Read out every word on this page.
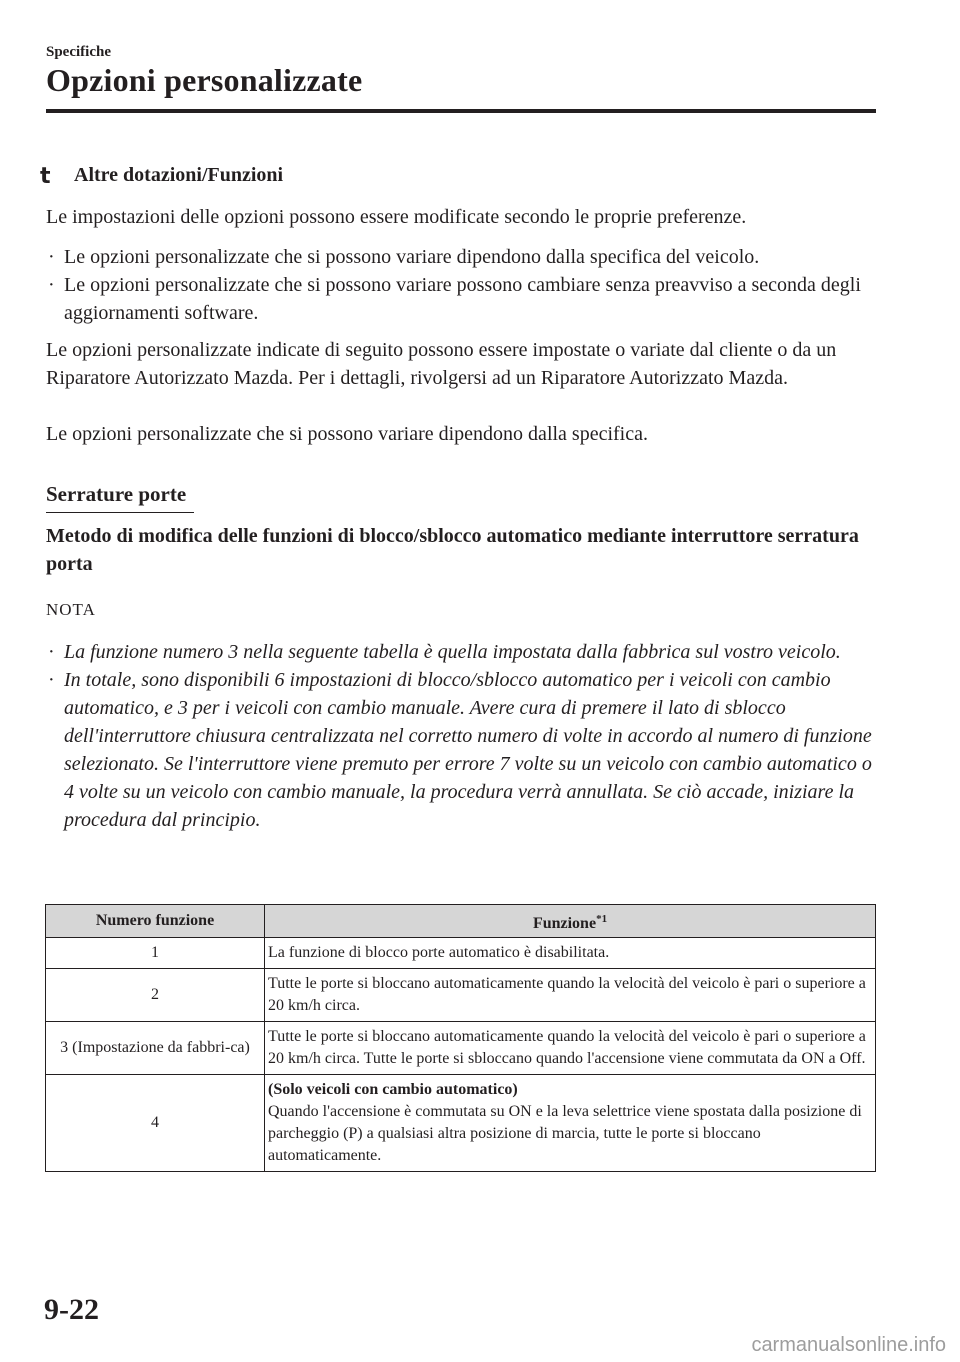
Specifiche
Opzioni personalizzate
t Altre dotazioni/Funzioni
Le impostazioni delle opzioni possono essere modificate secondo le proprie preferenze.
· Le opzioni personalizzate che si possono variare dipendono dalla specifica del veicolo.
· Le opzioni personalizzate che si possono variare possono cambiare senza preavviso a seconda degli aggiornamenti software.
Le opzioni personalizzate indicate di seguito possono essere impostate o variate dal cliente o da un Riparatore Autorizzato Mazda. Per i dettagli, rivolgersi ad un Riparatore Autorizzato Mazda.
Le opzioni personalizzate che si possono variare dipendono dalla specifica.
Serrature porte
Metodo di modifica delle funzioni di blocco/sblocco automatico mediante interruttore serratura porta
NOTA
· La funzione numero 3 nella seguente tabella è quella impostata dalla fabbrica sul vostro veicolo.
· In totale, sono disponibili 6 impostazioni di blocco/sblocco automatico per i veicoli con cambio automatico, e 3 per i veicoli con cambio manuale. Avere cura di premere il lato di sblocco dell'interruttore chiusura centralizzata nel corretto numero di volte in accordo al numero di funzione selezionato. Se l'interruttore viene premuto per errore 7 volte su un veicolo con cambio automatico o 4 volte su un veicolo con cambio manuale, la procedura verrà annullata. Se ciò accade, iniziare la procedura dal principio.
Numero funzione	Funzione$^{*1}$
1	La funzione di blocco porte automatico è disabilitata.
2	Tutte le porte si bloccano automaticamente quando la velocità del veicolo è pari o superiore a 20 km/h circa.
3 (Impostazione da fabbri-ca)	Tutte le porte si bloccano automaticamente quando la velocità del veicolo è pari o superiore a 20 km/h circa. Tutte le porte si sbloccano quando l'accensione viene commutata da ON a Off.
4	(Solo veicoli con cambio automatico)
Quando l'accensione è commutata su ON e la leva selettrice viene spostata dalla posizione di parcheggio (P) a qualsiasi altra posizione di marcia, tutte le porte si bloccano automaticamente.
9-22
carmanualsonline.info
